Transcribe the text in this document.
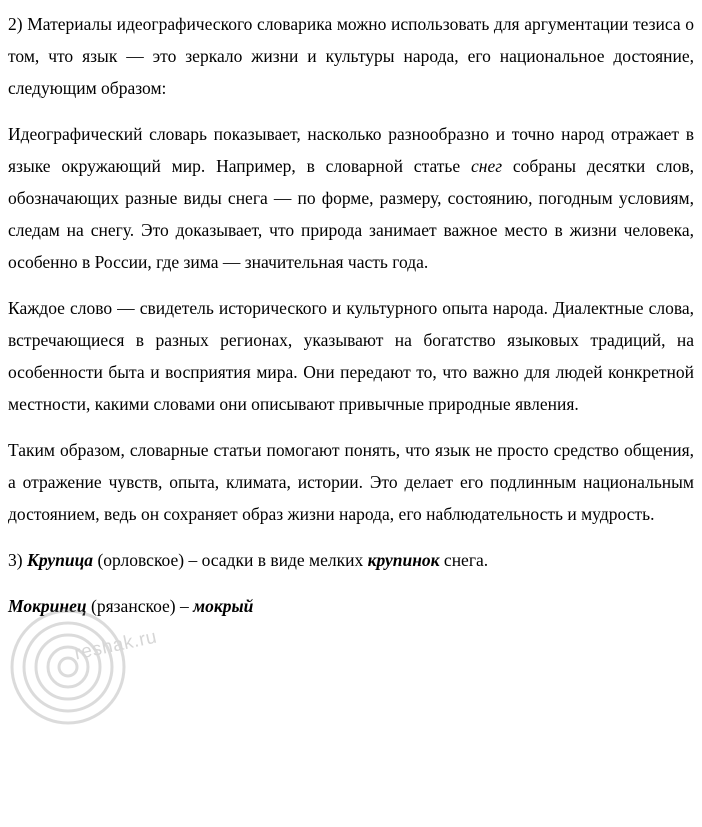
2) Материалы идеографического словарика можно использовать для аргументации тезиса о том, что язык — это зеркало жизни и культуры народа, его национальное достояние, следующим образом:

Идеографический словарь показывает, насколько разнообразно и точно народ отражает в языке окружающий мир. Например, в словарной статье снег собраны десятки слов, обозначающих разные виды снега — по форме, размеру, состоянию, погодным условиям, следам на снегу. Это доказывает, что природа занимает важное место в жизни человека, особенно в России, где зима — значительная часть года.

Каждое слово — свидетель исторического и культурного опыта народа. Диалектные слова, встречающиеся в разных регионах, указывают на богатство языковых традиций, на особенности быта и восприятия мира. Они передают то, что важно для людей конкретной местности, какими словами они описывают привычные природные явления.

Таким образом, словарные статьи помогают понять, что язык не просто средство общения, а отражение чувств, опыта, климата, истории. Это делает его подлинным национальным достоянием, ведь он сохраняет образ жизни народа, его наблюдательность и мудрость.

3) Крупица (орловское) – осадки в виде мелких крупинок снега.

Мокринец (рязанское) – мокрый

reshak.ru
